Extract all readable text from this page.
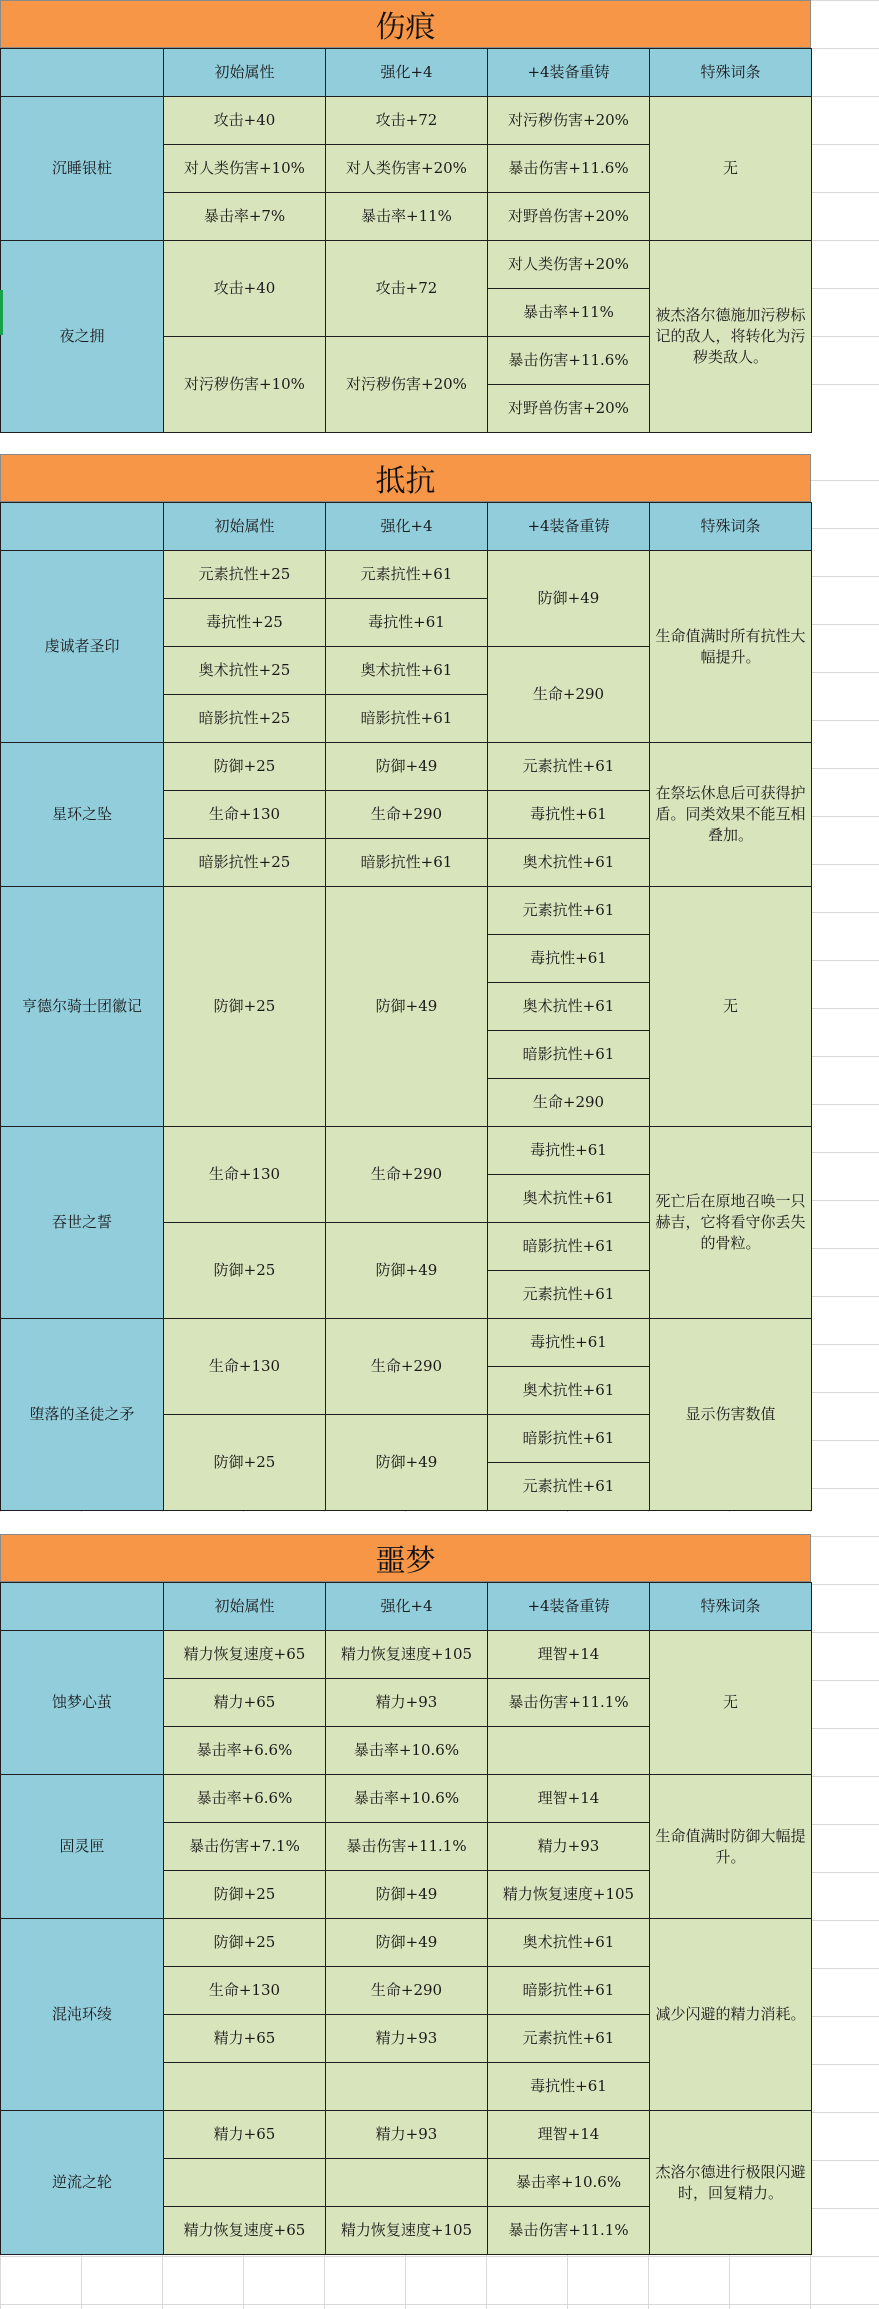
伤痕
	初始属性	强化+4	+4装备重铸	特殊词条
沉睡银桩	攻击+40	攻击+72	对污秽伤害+20%	无
	对人类伤害+10%	对人类伤害+20%	暴击伤害+11.6%	
	暴击率+7%	暴击率+11%	对野兽伤害+20%	
夜之拥	攻击+40	攻击+72	对人类伤害+20%	被杰洛尔德施加污秽标记的敌人，将转化为污秽类敌人。
			暴击率+11%	
	对污秽伤害+10%	对污秽伤害+20%	暴击伤害+11.6%	
			对野兽伤害+20%	
抵抗
	初始属性	强化+4	+4装备重铸	特殊词条
虔诚者圣印	元素抗性+25	元素抗性+61	防御+49	生命值满时所有抗性大幅提升。
	毒抗性+25	毒抗性+61		
	奥术抗性+25	奥术抗性+61	生命+290	
	暗影抗性+25	暗影抗性+61		
星环之坠	防御+25	防御+49	元素抗性+61	在祭坛休息后可获得护盾。同类效果不能互相叠加。
	生命+130	生命+290	毒抗性+61	
	暗影抗性+25	暗影抗性+61	奥术抗性+61	
亨德尔骑士团徽记	防御+25	防御+49	元素抗性+61	无
			毒抗性+61	
			奥术抗性+61	
			暗影抗性+61	
			生命+290	
吞世之誓	生命+130	生命+290	毒抗性+61	死亡后在原地召唤一只赫吉，它将看守你丢失的骨粒。
			奥术抗性+61	
	防御+25	防御+49	暗影抗性+61	
			元素抗性+61	
堕落的圣徒之矛	生命+130	生命+290	毒抗性+61	显示伤害数值
			奥术抗性+61	
	防御+25	防御+49	暗影抗性+61	
			元素抗性+61	
噩梦
	初始属性	强化+4	+4装备重铸	特殊词条
蚀梦心茧	精力恢复速度+65	精力恢复速度+105	理智+14	无
	精力+65	精力+93	暴击伤害+11.1%	
	暴击率+6.6%	暴击率+10.6%		
固灵匣	暴击率+6.6%	暴击率+10.6%	理智+14	生命值满时防御大幅提升。
	暴击伤害+7.1%	暴击伤害+11.1%	精力+93	
	防御+25	防御+49	精力恢复速度+105	
混沌环绫	防御+25	防御+49	奥术抗性+61	减少闪避的精力消耗。
	生命+130	生命+290	暗影抗性+61	
	精力+65	精力+93	元素抗性+61	
			毒抗性+61	
逆流之轮	精力+65	精力+93	理智+14	杰洛尔德进行极限闪避时，回复精力。
			暴击率+10.6%	
	精力恢复速度+65	精力恢复速度+105	暴击伤害+11.1%	
